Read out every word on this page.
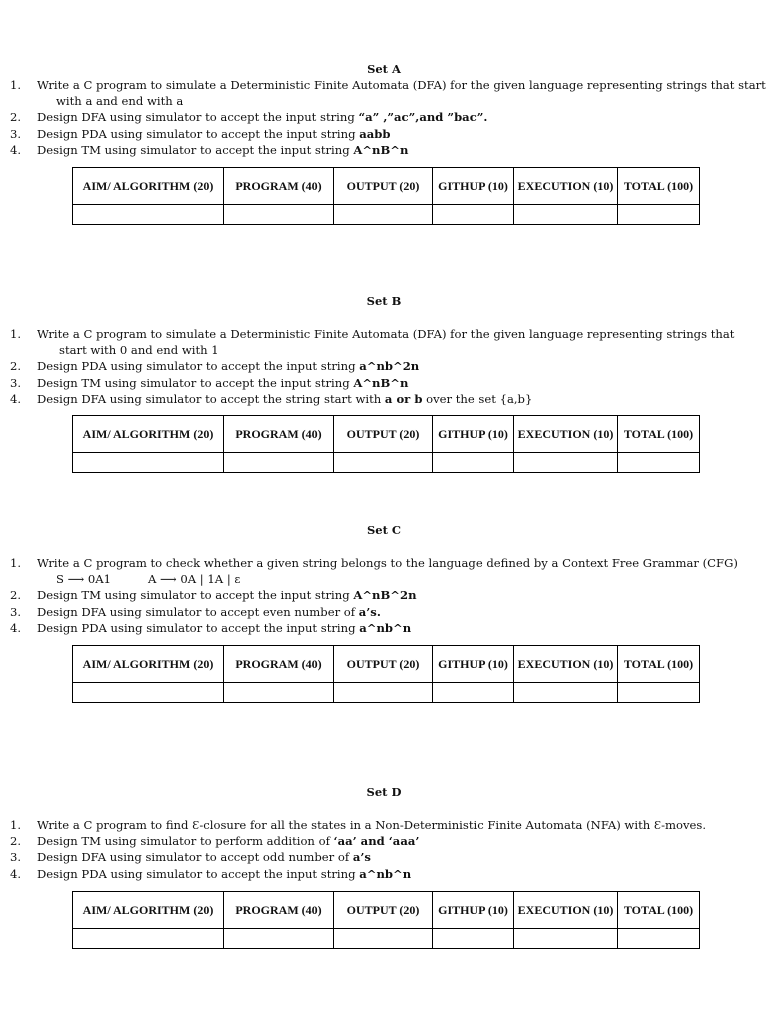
Set A
1. Write a C program to simulate a Deterministic Finite Automata (DFA) for the given language representing strings that start
with a and end with a
2. Design DFA using simulator to accept the input string “a” ,”ac”,and ”bac”.
3. Design PDA using simulator to accept the input string aabb
4. Design TM using simulator to accept the input string A^nB^n
AIM/ ALGORITHM (20)	PROGRAM (40)	OUTPUT (20)	GITHUP (10)	EXECUTION (10)	TOTAL (100)

Set B
1. Write a C program to simulate a Deterministic Finite Automata (DFA) for the given language representing strings that
start with 0 and end with 1
2. Design PDA using simulator to accept the input string a^nb^2n
3. Design TM using simulator to accept the input string A^nB^n
4. Design DFA using simulator to accept the string start with a or b over the set {a,b}
AIM/ ALGORITHM (20)	PROGRAM (40)	OUTPUT (20)	GITHUP (10)	EXECUTION (10)	TOTAL (100)

Set C
1. Write a C program to check whether a given string belongs to the language defined by a Context Free Grammar (CFG)
S ⟶ 0A1	A ⟶ 0A | 1A | ε
2. Design TM using simulator to accept the input string A^nB^2n
3. Design DFA using simulator to accept even number of a’s.
4. Design PDA using simulator to accept the input string a^nb^n
AIM/ ALGORITHM (20)	PROGRAM (40)	OUTPUT (20)	GITHUP (10)	EXECUTION (10)	TOTAL (100)

Set D
1. Write a C program to find Ɛ-closure for all the states in a Non-Deterministic Finite Automata (NFA) with Ɛ-moves.
2. Design TM using simulator to perform addition of ‘aa’ and ‘aaa’
3. Design DFA using simulator to accept odd number of a’s
4. Design PDA using simulator to accept the input string a^nb^n
AIM/ ALGORITHM (20)	PROGRAM (40)	OUTPUT (20)	GITHUP (10)	EXECUTION (10)	TOTAL (100)
